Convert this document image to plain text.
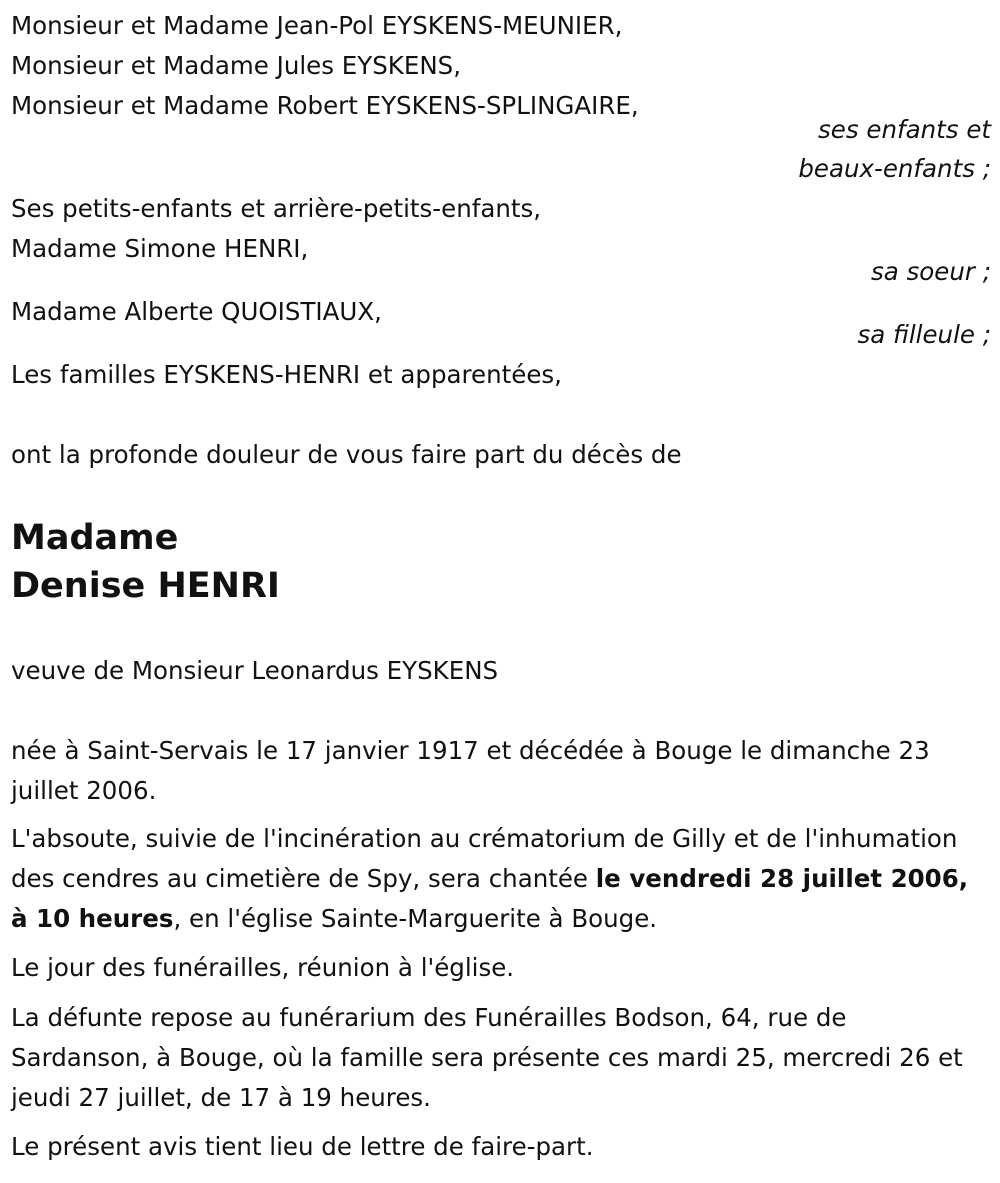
Monsieur et Madame Jean-Pol EYSKENS-MEUNIER,
Monsieur et Madame Jules EYSKENS,
Monsieur et Madame Robert EYSKENS-SPLINGAIRE,
ses enfants et
beaux-enfants ;
Ses petits-enfants et arrière-petits-enfants,
Madame Simone HENRI,
sa soeur ;
Madame Alberte QUOISTIAUX,
sa filleule ;
Les familles EYSKENS-HENRI et apparentées,
ont la profonde douleur de vous faire part du décès de
Madame
Denise HENRI
veuve de Monsieur Leonardus EYSKENS
née à Saint-Servais le 17 janvier 1917 et décédée à Bouge le dimanche 23 juillet 2006.
L'absoute, suivie de l'incinération au crématorium de Gilly et de l'inhumation des cendres au cimetière de Spy, sera chantée le vendredi 28 juillet 2006, à 10 heures, en l'église Sainte-Marguerite à Bouge.
Le jour des funérailles, réunion à l'église.
La défunte repose au funérarium des Funérailles Bodson, 64, rue de Sardanson, à Bouge, où la famille sera présente ces mardi 25, mercredi 26 et jeudi 27 juillet, de 17 à 19 heures.
Le présent avis tient lieu de lettre de faire-part.
